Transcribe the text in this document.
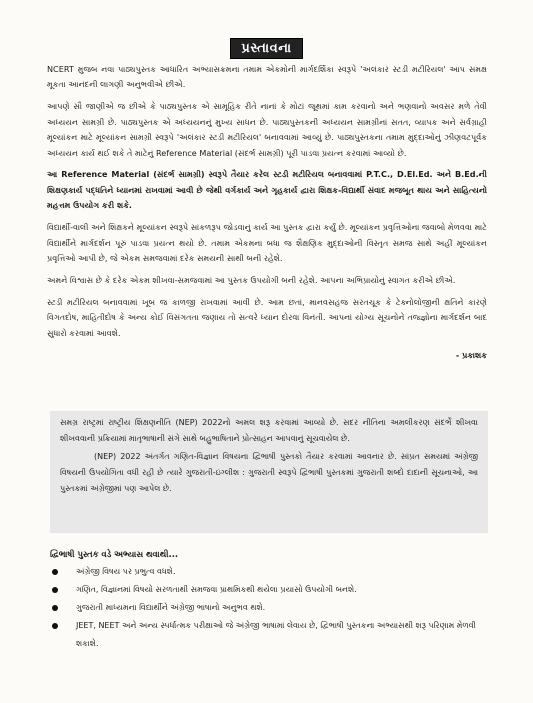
પ્રસ્તાવના

NCERT મુજબ નવા પાઠ્યપુસ્તક આધારિત અભ્યાસક્રમના તમામ એકમોની માર્ગદર્શિકા સ્વરૂપે 'અલંકાર સ્ટડી મટીરિયલ' આપ સમક્ષ મૂકતા આનંદની લાગણી અનુભવીએ છીએ.

આપણે સૌ જાણીએ જ છીએ કે પાઠ્યપુસ્તક એ સામૂહિક રીતે નાનાં કે મોટાં જૂથમાં કામ કરવાનો અને ભણવાનો અવસર મળે તેવી અધ્યયન સામગ્રી છે. પાઠ્યપુસ્તક એ અધ્યયનનું મુખ્ય સાધન છે. પાઠ્યપુસ્તકની અધ્યયન સામગ્રીનાં સતત, વ્યાપક અને સર્વગ્રાહી મૂલ્યાંકન માટે મૂલ્યાંકન સામગ્રી સ્વરૂપે 'અલંકાર સ્ટડી મટીરિયલ' બનાવવામાં આવ્યું છે. પાઠ્યપુસ્તકના તમામ મુદ્દાઓનું ઝીણવટપૂર્વક અધ્યયન કાર્ય થઈ શકે તે માટેનું Reference Material (સંદર્ભ સામગ્રી) પૂરી પાડવા પ્રયત્ન કરવામાં આવ્યો છે.

આ Reference Material (સંદર્ભ સામગ્રી) સ્વરૂપે તૈયાર કરેલ સ્ટડી મટીરિયલ બનાવવામાં P.T.C., D.El.Ed. અને B.Ed.ની શિક્ષણકાર્ય પદ્ધતિને ધ્યાનમાં રાખવામાં આવી છે જેથી વર્ગકાર્ય અને ગૃહકાર્ય દ્વારા શિક્ષક-વિદ્યાર્થી સંવાદ મજબૂત થાય અને સાહિત્યનો મહત્તમ ઉપયોગ કરી શકે.

વિદ્યાર્થી-વાલી અને શિક્ષકને મૂલ્યાંકન સ્વરૂપે સાંકળરૂપ જોડવાનું કાર્ય આ પુસ્તક દ્વારા કર્યું છે. મૂલ્યાંકન પ્રવૃત્તિઓના જવાબો મેળવવા માટે વિદ્યાર્થીને માર્ગદર્શન પૂરું પાડવા પ્રયત્ન થયો છે. તમામ એકમના બધા જ શૈક્ષણિક મુદ્દાઓની વિસ્તૃત સમજ સાથે અહીં મૂલ્યાંકન પ્રવૃત્તિઓ આપી છે, જે એકમ સમજવામાં દરેક સમયની સાથી બની રહેશે.

અમને વિશ્વાસ છે કે દરેક એકમ શીખવા-સમજવામાં આ પુસ્તક ઉપયોગી બની રહેશે. આપના અભિપ્રાયોનું સ્વાગત કરીએ છીએ.

સ્ટડી મટીરિયલ બનાવવામાં ખૂબ જ કાળજી રાખવામાં આવી છે. આમ છતાં, માનવસહજ સરતચૂક કે ટેક્નોલોજીની ક્ષતિને કારણે વિગતદોષ, માહિતીદોષ કે અન્ય કોઈ વિસંગતતા જણાય તો સત્વરે ધ્યાન દોરવા વિનંતી. આપનાં યોગ્ય સૂચનોને તજ્જ્ઞોના માર્ગદર્શન બાદ સુધારો કરવામાં આવશે.

- પ્રકાશક

સમગ્ર રાષ્ટ્રમાં રાષ્ટ્રીય શિક્ષણનીતિ (NEP) 2022નો અમલ શરૂ કરવામાં આવ્યો છે. સદર નીતિના અમલીકરણ સંદર્ભે શીખવા શીખવવાની પ્રક્રિયામાં માતૃભાષાની સંગે સાથે બહુભાષિતાને પ્રોત્સાહન આપવાનું સૂચવાયેલ છે.

(NEP) 2022 અંતર્ગત ગણિત-વિજ્ઞાન વિષયના દ્વિભાષી પુસ્તકો તૈયાર કરવામાં આવનાર છે. સાંપ્રત સમયમાં અંગ્રેજી વિષયની ઉપયોગિતા વધી રહી છે ત્યારે ગુજરાતી-ઇંગ્લીશ : ગુજરાતી સ્વરૂપે દ્વિભાષી પુસ્તકમાં ગુજરાતી શબ્દો દાદાની સૂચનાઓ, આ પુસ્તકમાં અંગ્રેજીમાં પણ આપેલ છે.

દ્વિભાષી પુસ્તક વડે અભ્યાસ થવાથી...
અંગ્રેજી વિષય પર પ્રભુત્વ વધશે.
ગણિત, વિજ્ઞાનમાં વિષયો સરળતાથી સમજવા પ્રાથમિકથી થયેલા પ્રયાસો ઉપયોગી બનશે.
ગુજરાતી માધ્યમના વિદ્યાર્થીને અંગ્રેજી ભાષાનો અનુભવ થશે.
JEET, NEET અને અન્ય સ્પર્ધાત્મક પરીક્ષાઓ જે અંગ્રેજી ભાષામાં લેવાય છે, દ્વિભાષી પુસ્તકના અભ્યાસથી શરૂ પરિણામ મેળવી શકાશે.
